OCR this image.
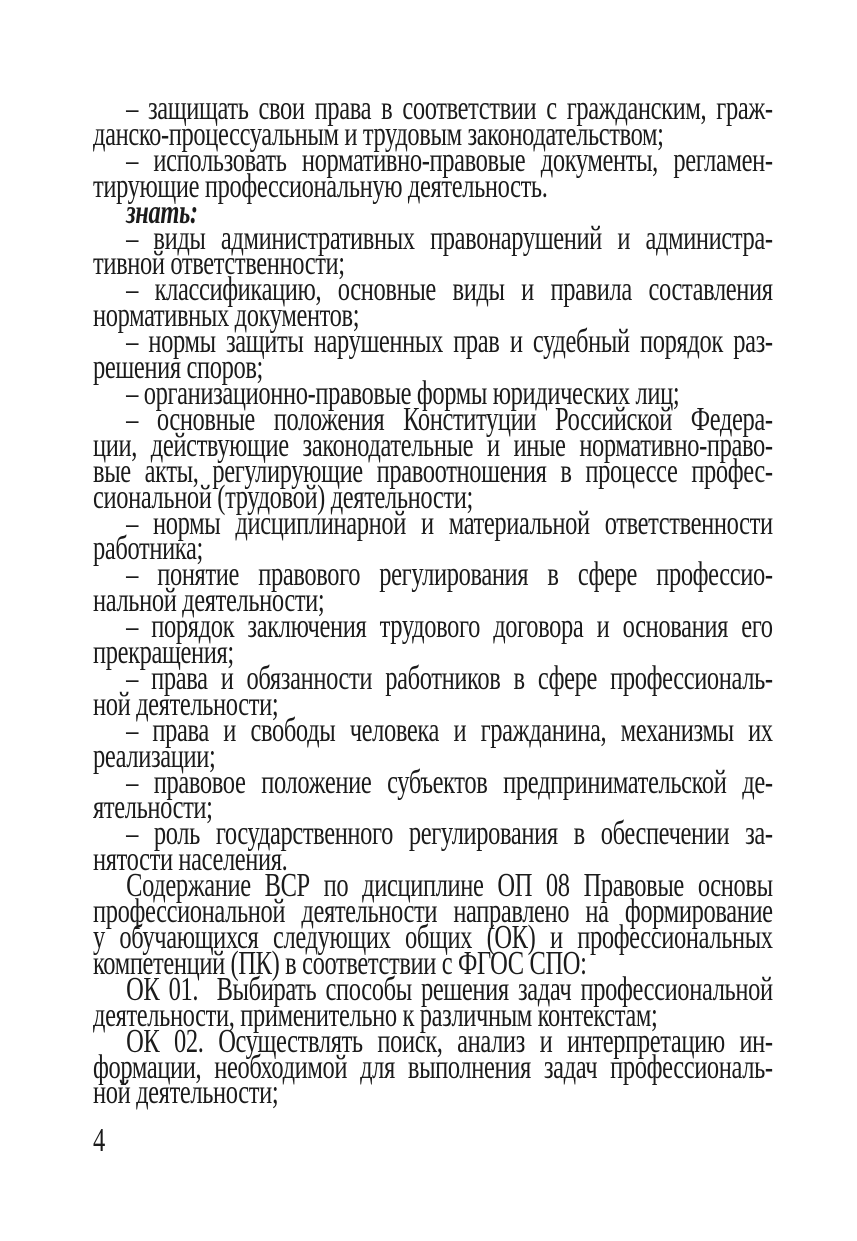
– защищать свои права в соответствии с гражданским, граж-
данско-процессуальным и трудовым законодательством;
– использовать нормативно-правовые документы, регламен-
тирующие профессиональную деятельность.
знать:
– виды административных правонарушений и администра-
тивной ответственности;
– классификацию, основные виды и правила составления
нормативных документов;
– нормы защиты нарушенных прав и судебный порядок раз-
решения споров;
– организационно-правовые формы юридических лиц;
– основные положения Конституции Российской Федера-
ции, действующие законодательные и иные нормативно-право-
вые акты, регулирующие правоотношения в процессе профес-
сиональной (трудовой) деятельности;
– нормы дисциплинарной и материальной ответственности
работника;
– понятие правового регулирования в сфере профессио-
нальной деятельности;
– порядок заключения трудового договора и основания его
прекращения;
– права и обязанности работников в сфере профессиональ-
ной деятельности;
– права и свободы человека и гражданина, механизмы их
реализации;
– правовое положение субъектов предпринимательской де-
ятельности;
– роль государственного регулирования в обеспечении за-
нятости населения.
Содержание ВСР по дисциплине ОП 08 Правовые основы
профессиональной деятельности направлено на формирование
у обучающихся следующих общих (ОК) и профессиональных
компетенций (ПК) в соответствии с ФГОС СПО:
ОК 01.  Выбирать способы решения задач профессиональной
деятельности, применительно к различным контекстам;
ОК 02. Осуществлять поиск, анализ и интерпретацию ин-
формации, необходимой для выполнения задач профессиональ-
ной деятельности;
4
